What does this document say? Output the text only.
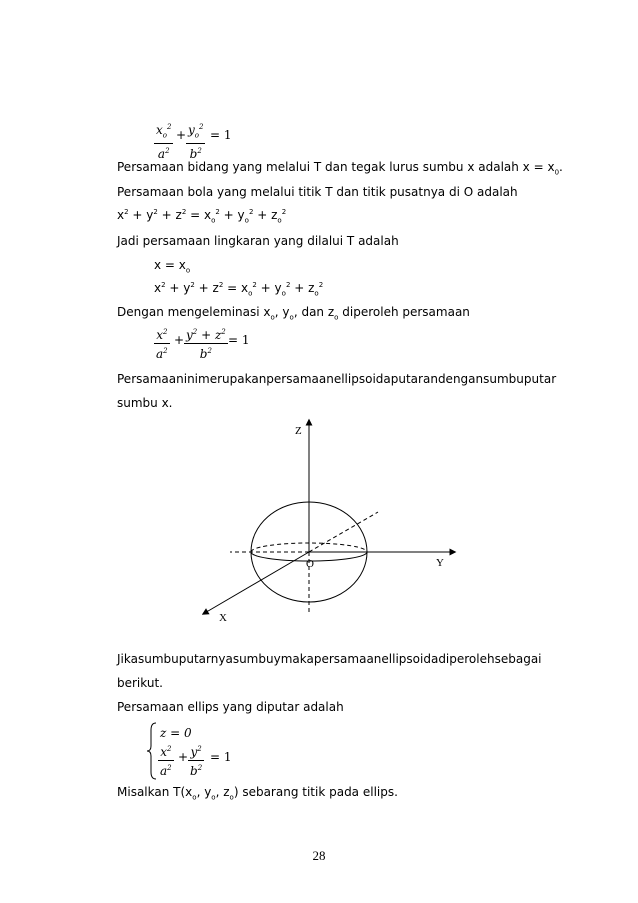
$x_o^2$
$a^2$
+ $y_o^2$
$b^2$
= 1
Persamaan bidang yang melalui T dan tegak lurus sumbu x adalah $x = x_0$.
Persamaan bola yang melalui titik T dan titik pusatnya di O adalah
$x^2 + y^2 + z^2 = x_o^2 + y_o^2 + z_o^2$
Jadi persamaan lingkaran yang dilalui T adalah
$x = x_o$
$x^2 + y^2 + z^2 = x_o^2 + y_o^2 + z_o^2$
Dengan mengeleminasi $x_o$, $y_o$, dan $z_o$ diperoleh persamaan
$x^2$
$a^2$
+ $y^2 + z^2$
$b^2$
= 1
Persamaan ini merupakan persamaan ellipsoida putaran dengan sumbu putar
sumbu x.
Z
Y
X
O
Jika sumbu putarnya sumbu y maka persamaan ellipsoida diperoleh sebagai
berikut.
Persamaan ellips yang diputar adalah
z = 0
$x^2$
$a^2$
+ $y^2$
$b^2$
= 1
Misalkan $T(x_o$, $y_o$, $z_o$) sebarang titik pada ellips.
28
